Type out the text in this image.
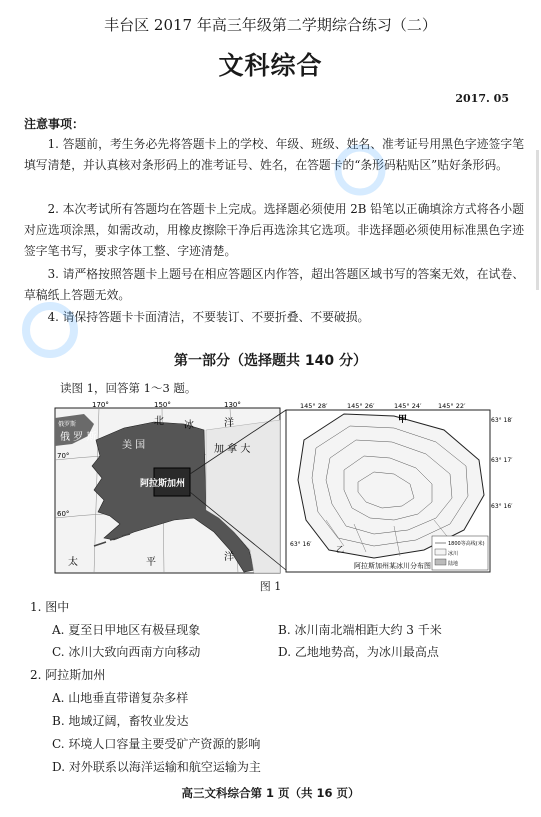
丰台区 2017 年高三年级第二学期综合练习（二）
文科综合
2017. 05
注意事项：
1. 答题前，考生务必先将答题卡上的学校、年级、班级、姓名、准考证号用黑色字迹签字笔填写清楚，并认真核对条形码上的准考证号、姓名，在答题卡的“条形码粘贴区”贴好条形码。
2. 本次考试所有答题均在答题卡上完成。选择题必须使用 2B 铅笔以正确填涂方式将各小题对应选项涂黑，如需改动，用橡皮擦除干净后再选涂其它选项。非选择题必须使用标准黑色字迹签字笔书写，要求字体工整、字迹清楚。
3. 请严格按照答题卡上题号在相应答题区内作答，超出答题区域书写的答案无效，在试卷、草稿纸上答题无效。
4. 请保持答题卡卡面清洁，不要装订、不要折叠、不要破损。
第一部分（选择题共 140 分）
读图 1，回答第 1～3 题。
170°	150°	130°
70°
60°
北 冰	洋
俄罗斯
俄 罗 斯
美 国	加 拿 大
阿拉斯加州
太	平	洋
145° 28′	145° 26′	145° 24′	145° 22′
63° 18′
63° 17′
63° 16′
63° 16′
甲
乙
1800等高线(米)
冰川
陆地
阿拉斯加州某冰川分布图
图 1
1. 图中
A. 夏至日甲地区有极昼现象	B. 冰川南北端相距大约 3 千米
C. 冰川大致向西南方向移动	D. 乙地地势高，为冰川最高点
2. 阿拉斯加州
A. 山地垂直带谱复杂多样
B. 地域辽阔，畜牧业发达
C. 环境人口容量主要受矿产资源的影响
D. 对外联系以海洋运输和航空运输为主
高三文科综合第 1 页（共 16 页）
